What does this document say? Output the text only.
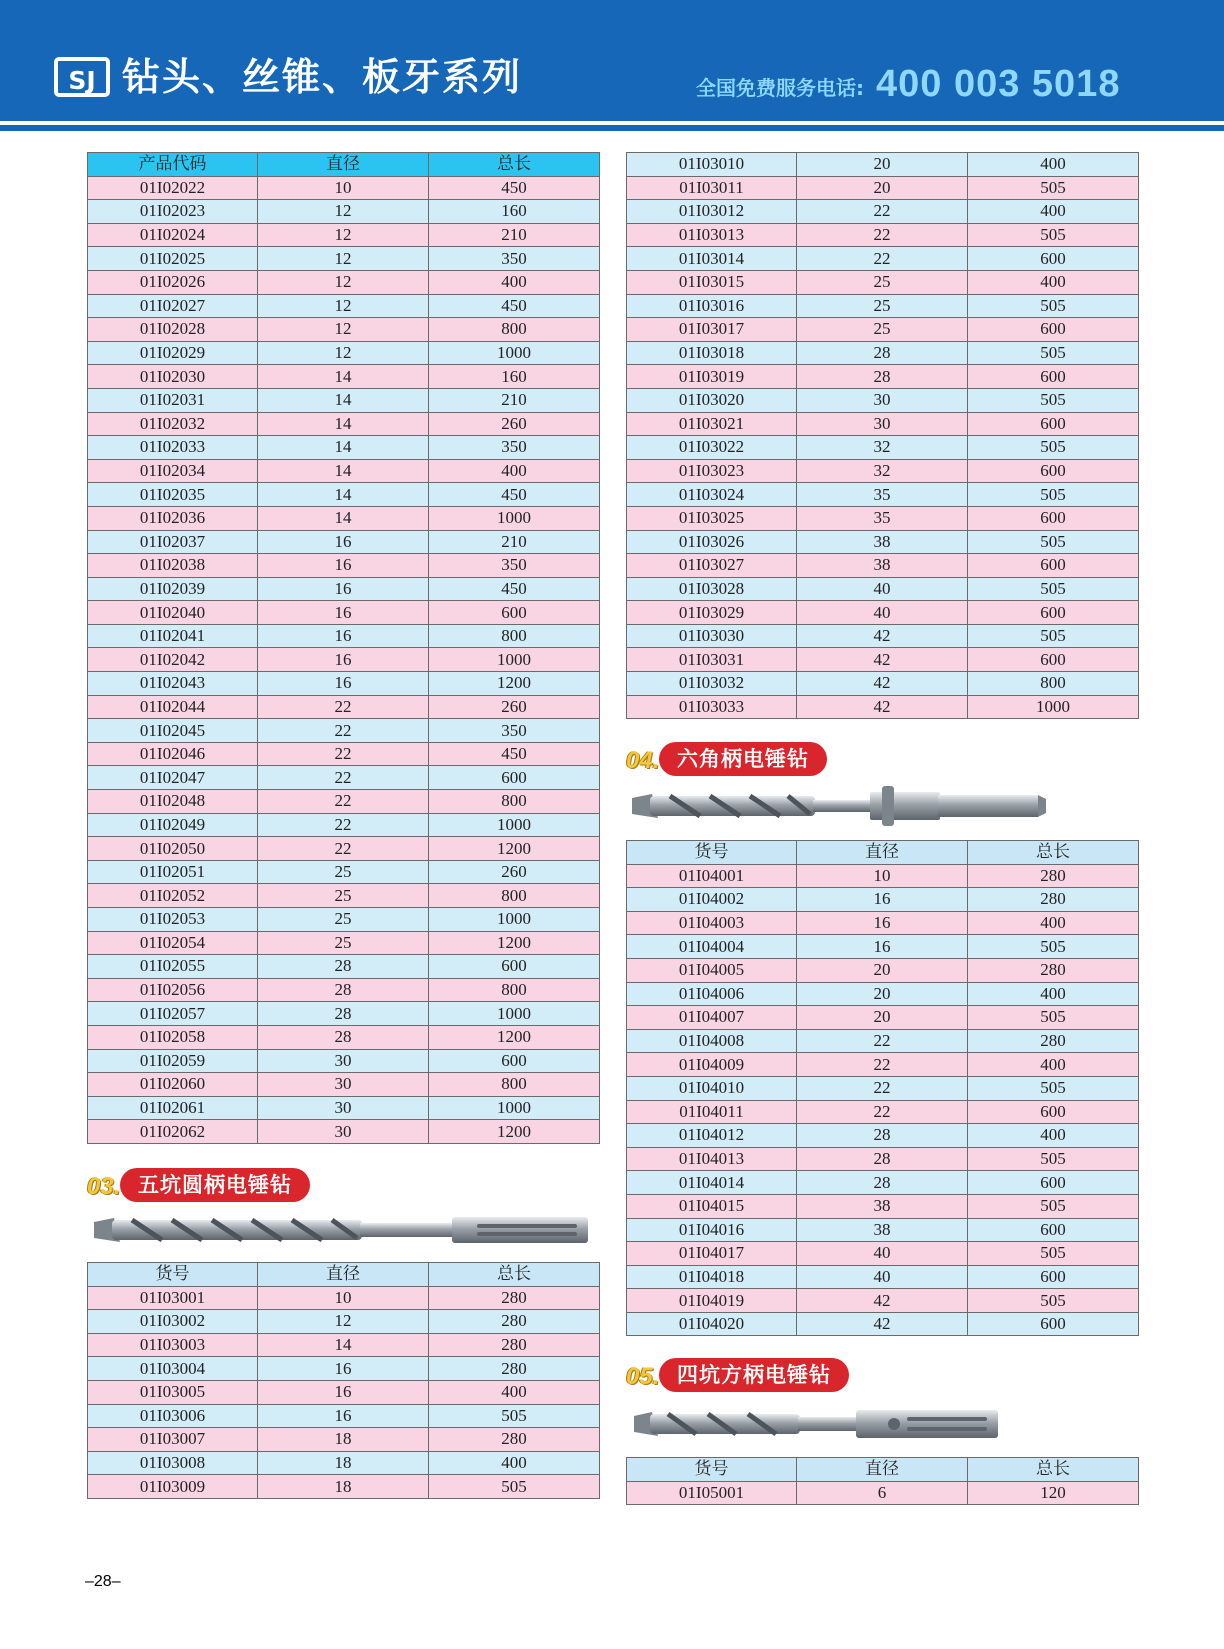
SJ 钻头、丝锥、板牙系列	全国免费服务电话: 400 003 5018
产品代码	直径	总长
01I02022	10	450
01I02023	12	160
01I02024	12	210
01I02025	12	350
01I02026	12	400
01I02027	12	450
01I02028	12	800
01I02029	12	1000
01I02030	14	160
01I02031	14	210
01I02032	14	260
01I02033	14	350
01I02034	14	400
01I02035	14	450
01I02036	14	1000
01I02037	16	210
01I02038	16	350
01I02039	16	450
01I02040	16	600
01I02041	16	800
01I02042	16	1000
01I02043	16	1200
01I02044	22	260
01I02045	22	350
01I02046	22	450
01I02047	22	600
01I02048	22	800
01I02049	22	1000
01I02050	22	1200
01I02051	25	260
01I02052	25	800
01I02053	25	1000
01I02054	25	1200
01I02055	28	600
01I02056	28	800
01I02057	28	1000
01I02058	28	1200
01I02059	30	600
01I02060	30	800
01I02061	30	1000
01I02062	30	1200
03. 五坑圆柄电锤钻
货号	直径	总长
01I03001	10	280
01I03002	12	280
01I03003	14	280
01I03004	16	280
01I03005	16	400
01I03006	16	505
01I03007	18	280
01I03008	18	400
01I03009	18	505
01I03010	20	400
01I03011	20	505
01I03012	22	400
01I03013	22	505
01I03014	22	600
01I03015	25	400
01I03016	25	505
01I03017	25	600
01I03018	28	505
01I03019	28	600
01I03020	30	505
01I03021	30	600
01I03022	32	505
01I03023	32	600
01I03024	35	505
01I03025	35	600
01I03026	38	505
01I03027	38	600
01I03028	40	505
01I03029	40	600
01I03030	42	505
01I03031	42	600
01I03032	42	800
01I03033	42	1000
04. 六角柄电锤钻
货号	直径	总长
01I04001	10	280
01I04002	16	280
01I04003	16	400
01I04004	16	505
01I04005	20	280
01I04006	20	400
01I04007	20	505
01I04008	22	280
01I04009	22	400
01I04010	22	505
01I04011	22	600
01I04012	28	400
01I04013	28	505
01I04014	28	600
01I04015	38	505
01I04016	38	600
01I04017	40	505
01I04018	40	600
01I04019	42	505
01I04020	42	600
05. 四坑方柄电锤钻
货号	直径	总长
01I05001	6	120
–28–
